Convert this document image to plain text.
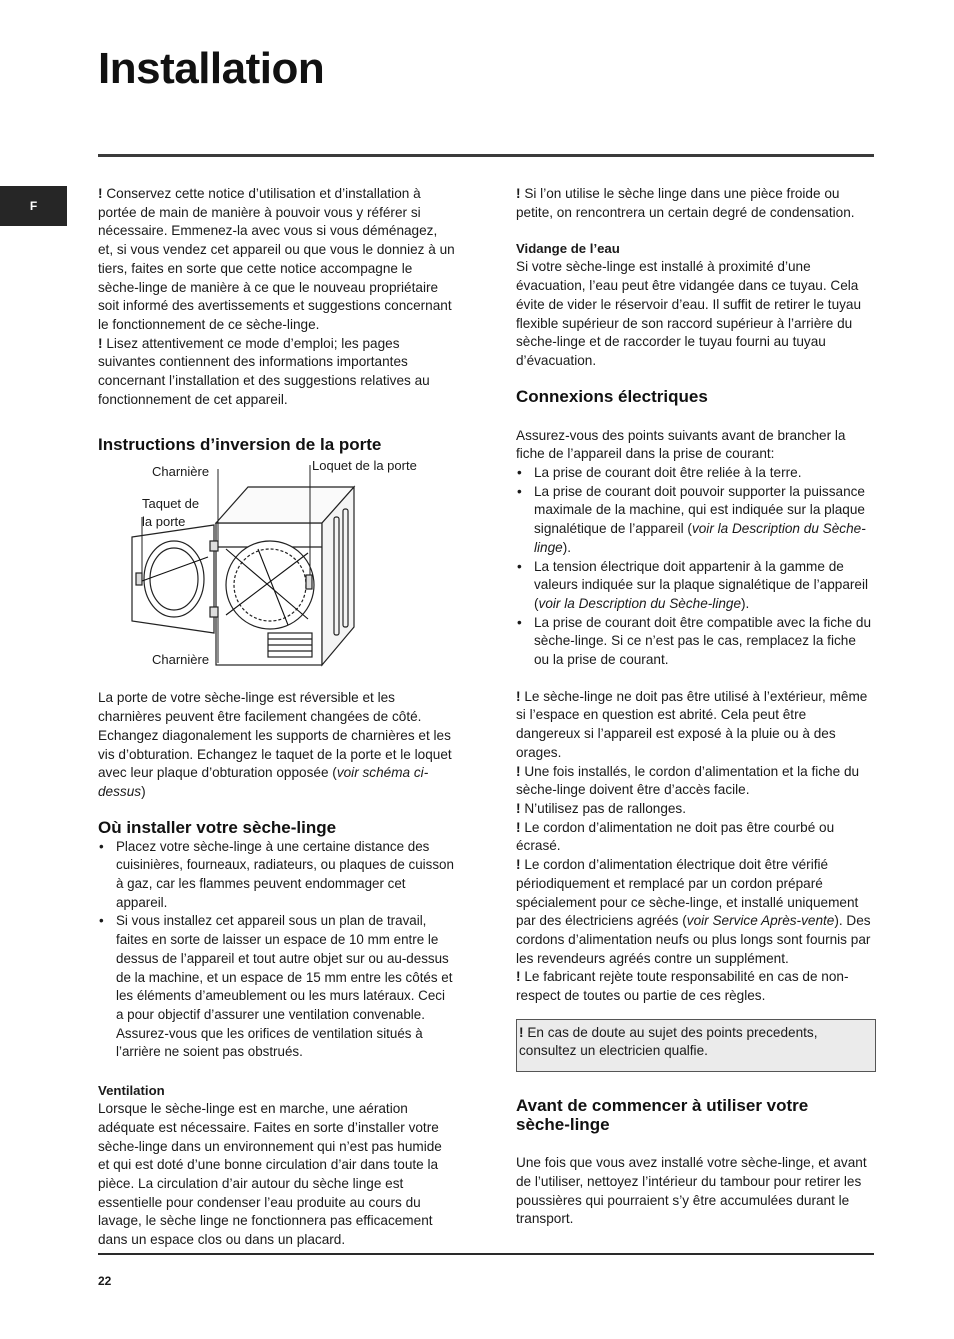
Installation
F

! Conservez cette notice d’utilisation et d’installation à portée de main de manière à pouvoir vous y référer si nécessaire. Emmenez-la avec vous si vous déménagez, et, si vous vendez cet appareil ou que vous le donniez à un tiers, faites en sorte que cette notice accompagne le sèche-linge de manière à ce que le nouveau propriétaire soit informé des avertissements et suggestions concernant le fonctionnement de ce sèche-linge.

! Lisez attentivement ce mode d’emploi; les pages suivantes contiennent des informations importantes concernant l’installation et des suggestions relatives au fonctionnement de cet appareil.

Instructions d’inversion de la porte
Charnière	Loquet de la porte
Taquet de
la porte
Charnière

La porte de votre sèche-linge est réversible et les charnières peuvent être facilement changées de côté. Echangez diagonalement les supports de charnières et les vis d’obturation. Echangez le taquet de la porte et le loquet avec leur plaque d’obturation opposée (voir schéma ci-dessus)

Où installer votre sèche-linge
• Placez votre sèche-linge à une certaine distance des cuisinières, fourneaux, radiateurs, ou plaques de cuisson à gaz, car les flammes peuvent endommager cet appareil.
• Si vous installez cet appareil sous un plan de travail, faites en sorte de laisser un espace de 10 mm entre le dessus de l’appareil et tout autre objet sur ou au-dessus de la machine, et un espace de 15 mm entre les côtés et les éléments d’ameublement ou les murs latéraux. Ceci a pour objectif d’assurer une ventilation convenable. Assurez-vous que les orifices de ventilation situés à l’arrière ne soient pas obstrués.
Ventilation

Lorsque le sèche-linge est en marche, une aération adéquate est nécessaire. Faites en sorte d’installer votre sèche-linge dans un environnement qui n’est pas humide et qui est doté d’une bonne circulation d’air dans toute la pièce. La circulation d’air autour du sèche linge est essentielle pour condenser l’eau produite au cours du lavage, le sèche linge ne fonctionnera pas efficacement dans un espace clos ou dans un placard.

! Si l’on utilise le sèche linge dans une pièce froide ou petite, on rencontrera un certain degré de condensation.

Vidange de l’eau

Si votre sèche-linge est installé à proximité d’une évacuation, l’eau peut être vidangée dans ce tuyau. Cela évite de vider le réservoir d’eau. Il suffit de retirer le tuyau flexible supérieur de son raccord supérieur à l’arrière du sèche-linge et de raccorder le tuyau fourni au tuyau d’évacuation.

Connexions électriques

Assurez-vous des points suivants avant de brancher la fiche de l’appareil dans la prise de courant:

• La prise de courant doit être reliée à la terre.
• La prise de courant doit pouvoir supporter la puissance maximale de la machine, qui est indiquée sur la plaque signalétique de l’appareil (voir la Description du Sèche-linge).
• La tension électrique doit appartenir à la gamme de valeurs indiquée sur la plaque signalétique de l’appareil (voir la Description du Sèche-linge).
• La prise de courant doit être compatible avec la fiche du sèche-linge. Si ce n’est pas le cas, remplacez la fiche ou la prise de courant.

! Le sèche-linge ne doit pas être utilisé à l’extérieur, même si l’espace en question est abrité. Cela peut être dangereux si l’appareil est exposé à la pluie ou à des orages.

! Une fois installés, le cordon d’alimentation et la fiche du sèche-linge doivent être d’accès facile.

! N’utilisez pas de rallonges.

! Le cordon d’alimentation ne doit pas être courbé ou écrasé.

! Le cordon d’alimentation électrique doit être vérifié périodiquement et remplacé par un cordon préparé spécialement pour ce sèche-linge, et installé uniquement par des électriciens agréés (voir Service Après-vente). Des cordons d’alimentation neufs ou plus longs sont fournis par les revendeurs agréés contre un supplément.

! Le fabricant rejète toute responsabilité en cas de non-respect de toutes ou partie de ces règles.

! En cas de doute au sujet des points precedents, consultez un electricien qualfie.

Avant de commencer à utiliser votre
sèche-linge

Une fois que vous avez installé votre sèche-linge, et avant de l’utiliser, nettoyez l’intérieur du tambour pour retirer les poussières qui pourraient s’y être accumulées durant le transport.

22
